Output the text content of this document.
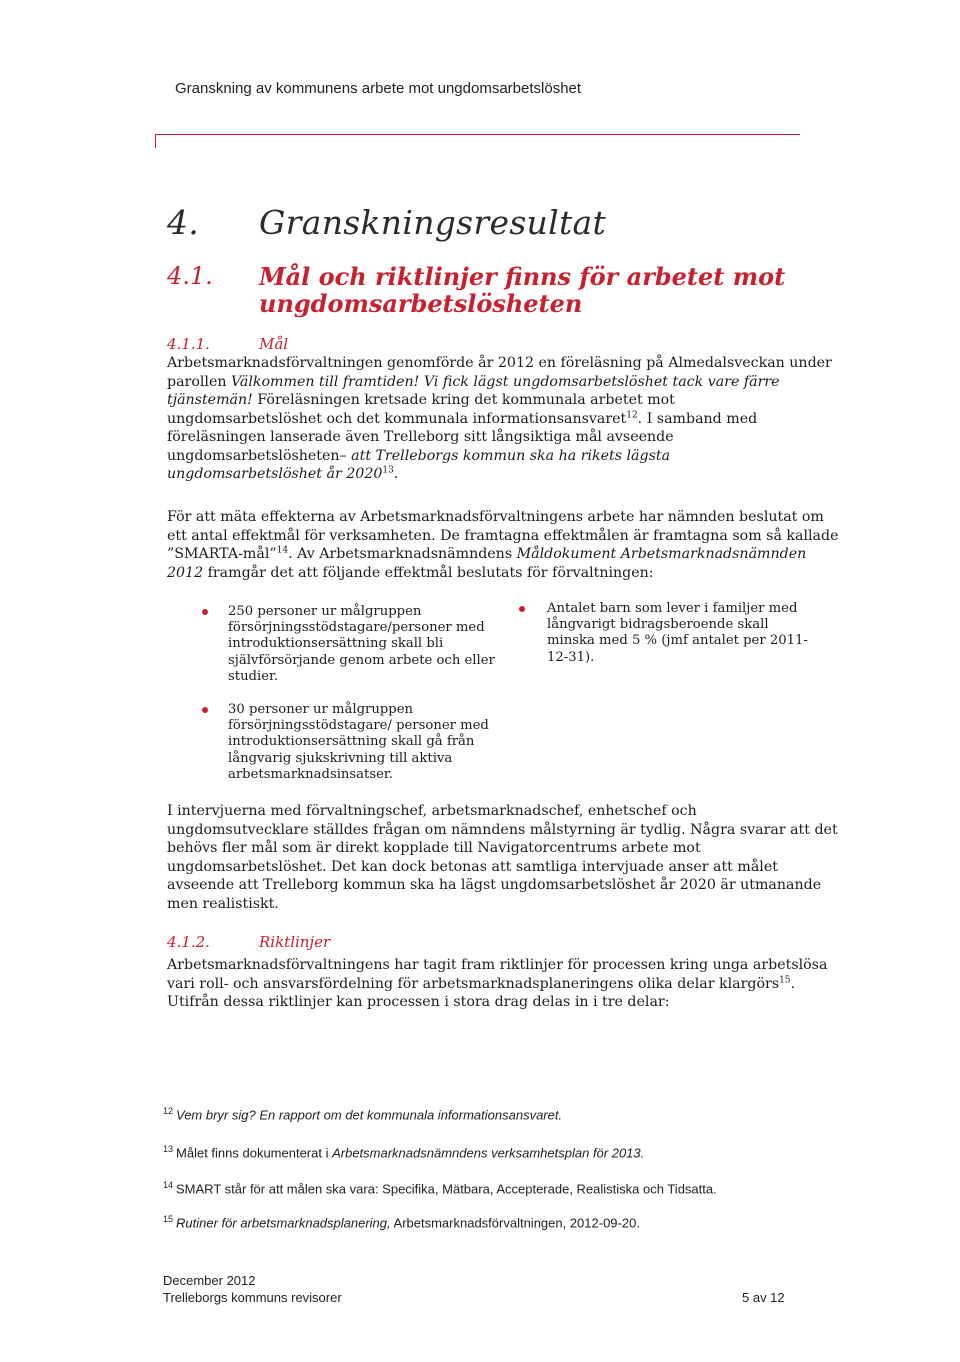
Granskning av kommunens arbete mot ungdomsarbetslöshet
4. Granskningsresultat
4.1. Mål och riktlinjer finns för arbetet mot
ungdomsarbetslösheten
4.1.1.	Mål
Arbetsmarknadsförvaltningen genomförde år 2012 en föreläsning på Almedalsveckan under
parollen Välkommen till framtiden! Vi fick lägst ungdomsarbetslöshet tack vare färre
tjänstemän! Föreläsningen kretsade kring det kommunala arbetet mot
ungdomsarbetslöshet och det kommunala informationsansvaret$^{12}$. I samband med
föreläsningen lanserade även Trelleborg sitt långsiktiga mål avseende
ungdomsarbetslösheten– att Trelleborgs kommun ska ha rikets lägsta
ungdomsarbetslöshet år 2020$^{13}$.
För att mäta effekterna av Arbetsmarknadsförvaltningens arbete har nämnden beslutat om
ett antal effektmål för verksamheten. De framtagna effektmålen är framtagna som så kallade
”SMARTA-mål”$^{14}$. Av Arbetsmarknadsnämndens Måldokument Arbetsmarknadsnämnden
2012 framgår det att följande effektmål beslutats för förvaltningen:
250 personer ur målgruppen
försörjningsstödstagare/personer med
introduktionsersättning skall bli
självförsörjande genom arbete och eller
studier.
30 personer ur målgruppen
försörjningsstödstagare/ personer med
introduktionsersättning skall gå från
långvarig sjukskrivning till aktiva
arbetsmarknadsinsatser.
Antalet barn som lever i familjer med
långvarigt bidragsberoende skall
minska med 5 % (jmf antalet per 2011-
12-31).
I intervjuerna med förvaltningschef, arbetsmarknadschef, enhetschef och
ungdomsutvecklare ställdes frågan om nämndens målstyrning är tydlig. Några svarar att det
behövs fler mål som är direkt kopplade till Navigatorcentrums arbete mot
ungdomsarbetslöshet. Det kan dock betonas att samtliga intervjuade anser att målet
avseende att Trelleborg kommun ska ha lägst ungdomsarbetslöshet år 2020 är utmanande
men realistiskt.
4.1.2.	Riktlinjer
Arbetsmarknadsförvaltningens har tagit fram riktlinjer för processen kring unga arbetslösa
vari roll- och ansvarsfördelning för arbetsmarknadsplaneringens olika delar klargörs$^{15}$.
Utifrån dessa riktlinjer kan processen i stora drag delas in i tre delar:
$^{12}$ Vem bryr sig? En rapport om det kommunala informationsansvaret.
$^{13}$ Målet finns dokumenterat i Arbetsmarknadsnämndens verksamhetsplan för 2013.
$^{14}$ SMART står för att målen ska vara: Specifika, Mätbara, Accepterade, Realistiska och Tidsatta.
$^{15}$ Rutiner för arbetsmarknadsplanering, Arbetsmarknadsförvaltningen, 2012-09-20.
December 2012
Trelleborgs kommuns revisorer	5 av 12
